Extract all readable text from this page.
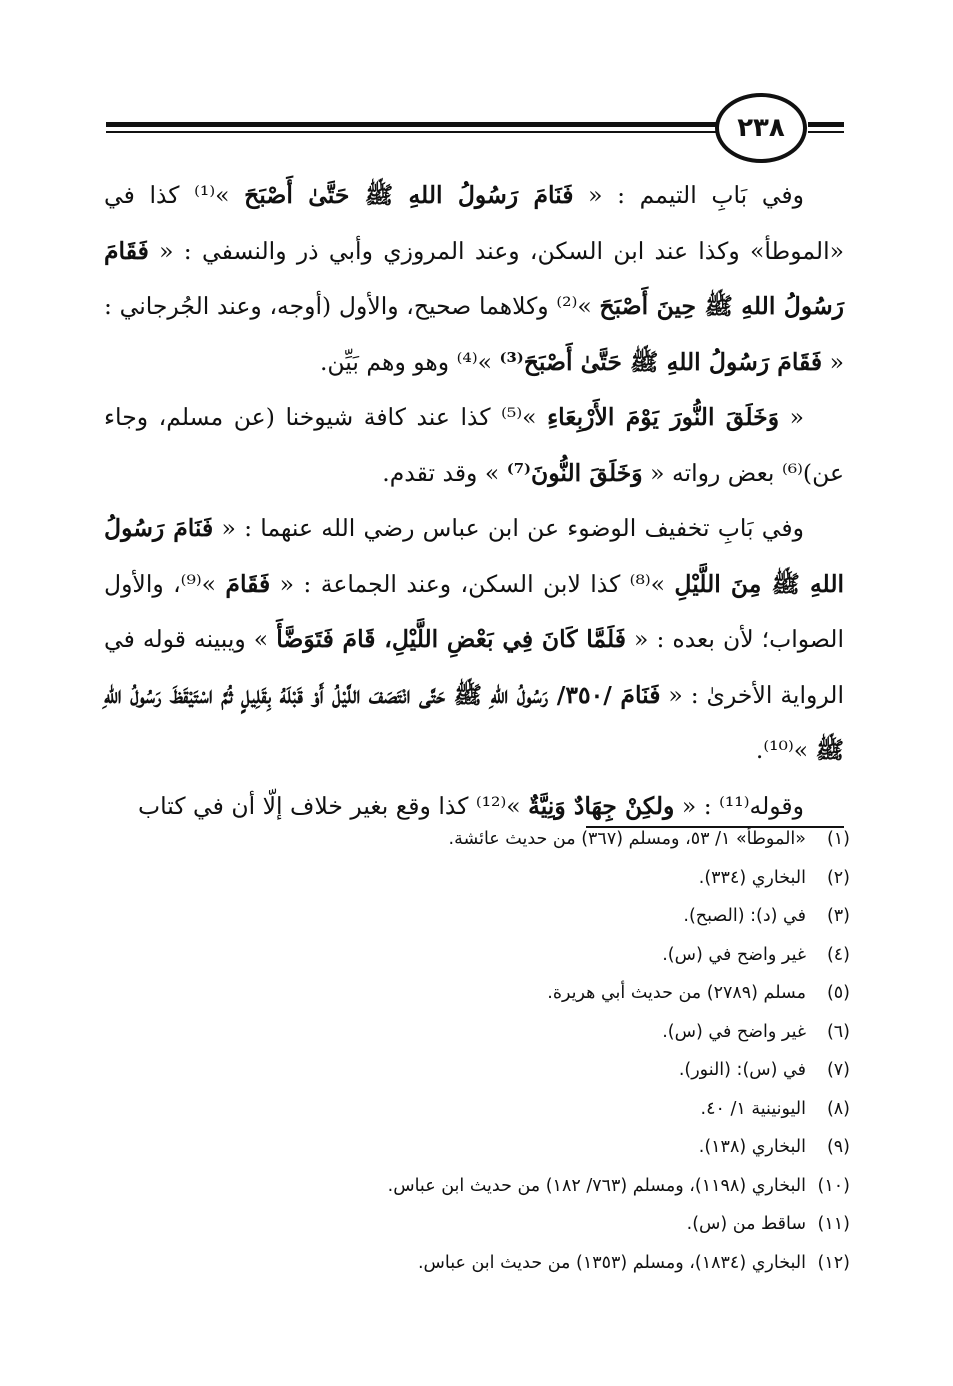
٢٣٨

وفي بَابِ التيمم : « فَنَامَ رَسُولُ اللهِ ﷺ حَتَّىٰ أَصْبَحَ »⁽¹⁾ كذا في «الموطأ» وكذا عند ابن السكن، وعند المروزي وأبي ذر والنسفي : « فَقَامَ رَسُولُ اللهِ ﷺ حِينَ أَصْبَحَ »⁽²⁾ وكلاهما صحيح، والأول (أوجه، وعند الجُرجاني : « فَقَامَ رَسُولُ اللهِ ﷺ حَتَّىٰ أَصْبَحَ⁽³⁾ »⁽⁴⁾ وهو وهم بَيِّن.

« وَخَلَقَ النُّورَ يَوْمَ الأَرْبِعَاءِ »⁽⁵⁾ كذا عند كافة شيوخنا (عن مسلم، وجاء عن)⁽⁶⁾ بعض رواته « وَخَلَقَ النُّونَ⁽⁷⁾ » وقد تقدم.

وفي بَابِ تخفيف الوضوء عن ابن عباس رضي الله عنهما : « فَنَامَ رَسُولُ اللهِ ﷺ مِنَ اللَّيْلِ »⁽⁸⁾ كذا لابن السكن، وعند الجماعة : « فَقَامَ »⁽⁹⁾، والأول الصواب؛ لأن بعده : « فَلَمَّا كَانَ فِي بَعْضِ اللَّيْلِ، قَامَ فَتَوَضَّأَ » ويبينه قوله في الرواية الأخرىٰ : « فَنَامَ /٣٥٠/ رَسُولُ اللهِ ﷺ حَتَّى انْتَصَفَ اللَّيْلُ أَوْ قَبْلَهُ بِقَلِيلٍ ثُمَّ اسْتَيْقَظَ رَسُولُ اللهِ ﷺ »⁽¹⁰⁾.

وقوله⁽¹¹⁾ : « ولكِنْ جِهَادٌ وَنِيَّةٌ »⁽¹²⁾ كذا وقع بغير خلاف إلّا أن في كتاب

(١)
«الموطأ» ١/ ٥٣، ومسلم (٣٦٧) من حديث عائشة.
(٢)
البخاري (٣٣٤).
(٣)
في (د): (الصبح).
(٤)
غير واضح في (س).
(٥)
مسلم (٢٧٨٩) من حديث أبي هريرة.
(٦)
غير واضح في (س).
(٧)
في (س): (النور).
(٨)
اليونينية ١/ ٤٠.
(٩)
البخاري (١٣٨).
(١٠)
البخاري (١١٩٨)، ومسلم (٧٦٣/ ١٨٢) من حديث ابن عباس.
(١١)
ساقط من (س).
(١٢)
البخاري (١٨٣٤)، ومسلم (١٣٥٣) من حديث ابن عباس.
